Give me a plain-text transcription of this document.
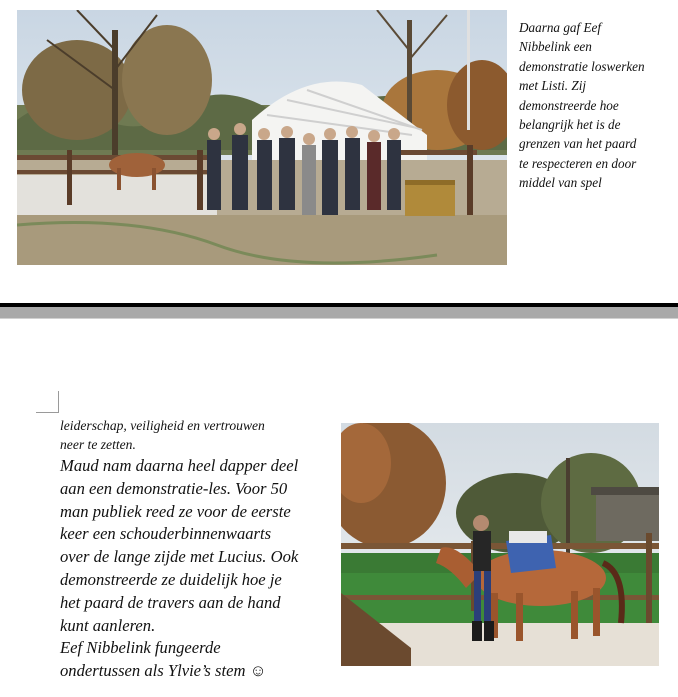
Daarna gaf Eef
Nibbelink een
demonstratie loswerken
met Listi. Zij
demonstreerde hoe
belangrijk het is de
grenzen van het paard
te respecteren en door
middel van spel
leiderschap, veiligheid en vertrouwen
neer te zetten.
Maud nam daarna heel dapper deel
aan een demonstratie-les. Voor 50
man publiek reed ze voor de eerste
keer een schouderbinnenwaarts
over de lange zijde met Lucius. Ook
demonstreerde ze duidelijk hoe je
het paard de travers aan de hand
kunt aanleren.
Eef Nibbelink fungeerde
ondertussen als Ylvie’s stem ☺
